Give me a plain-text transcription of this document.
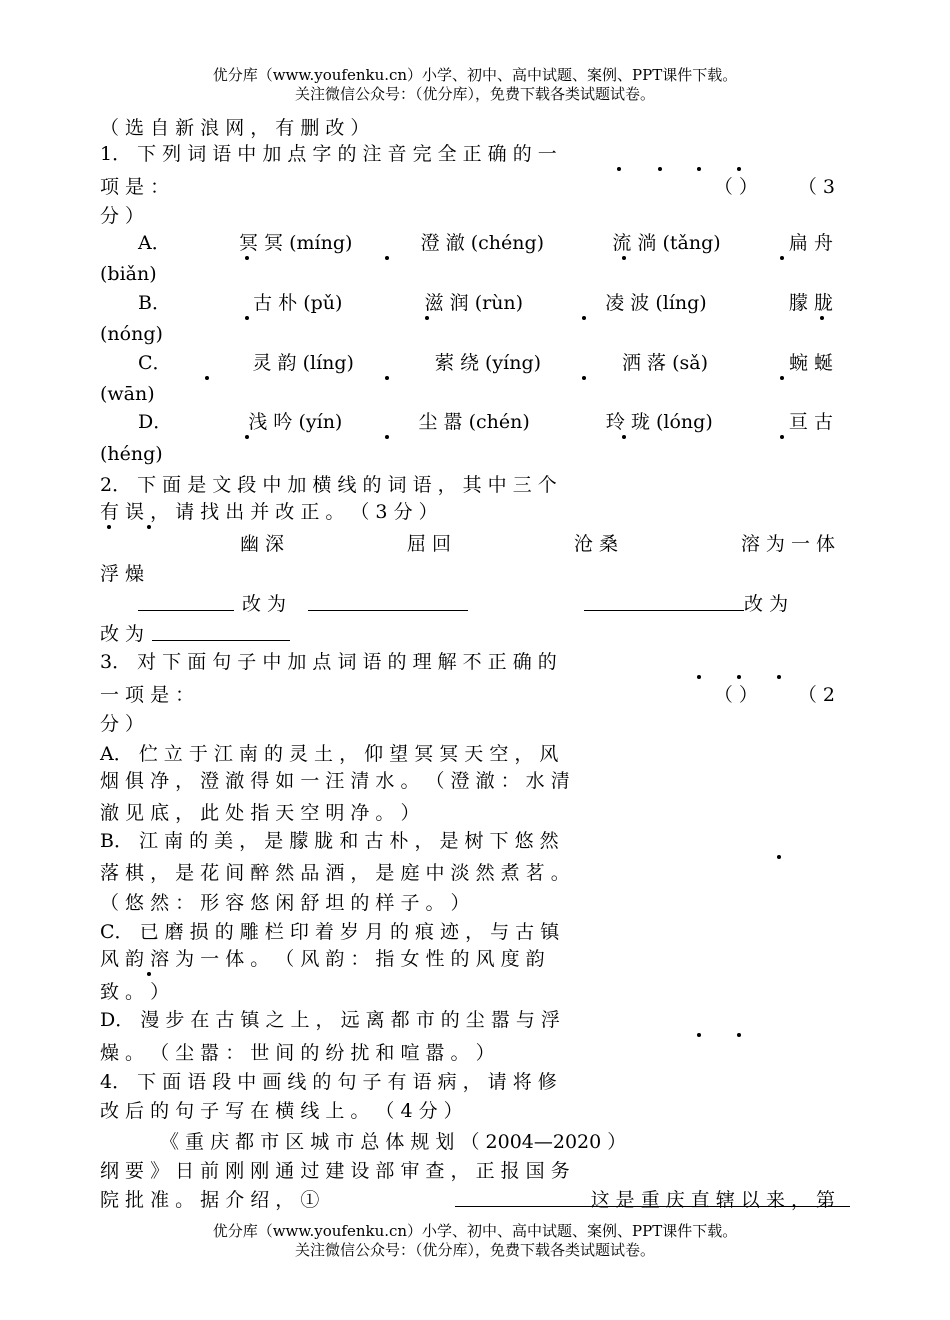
优分库（www.youfenku.cn）小学、初中、高中试题、案例、PPT课件下载。
关注微信公众号：（优分库），免费下载各类试题试卷。
（ 选 自 新 浪 网 ， 有 删 改 ）
1． 下 列 词 语 中 加 点 字 的 注 音 完 全 正 确 的 一
项 是 ：	（ ） （ 3
分 ）
A．	冥 冥 (míng)	澄 澈 (chéng)	流 淌 (tǎng)	扁 舟
(biǎn)
B．	古 朴 (pǔ)	滋 润 (rùn)	凌 波 (líng)	朦 胧
(nóng)
C．	灵 韵 (líng)	萦 绕 (yíng)	洒 落 (sǎ)	蜿 蜒
(wān)
D．	浅 吟 (yín)	尘 嚣 (chén)	玲 珑 (lóng)	亘 古
(héng)
2． 下 面 是 文 段 中 加 横 线 的 词 语 ， 其 中 三 个
有 误 ， 请 找 出 并 改 正 。 （ 3 分 ）
幽 深	屈 回	沧 桑	溶 为 一 体
浮 燥
改 为	改 为
改 为
3． 对 下 面 句 子 中 加 点 词 语 的 理 解 不 正 确 的
一 项 是 ：	（ ） （ 2
分 ）
A． 伫 立 于 江 南 的 灵 土 ， 仰 望 冥 冥 天 空 ， 风
烟 俱 净 ， 澄 澈 得 如 一 汪 清 水 。 （ 澄 澈 ： 水 清
澈 见 底 ， 此 处 指 天 空 明 净 。 ）
B． 江 南 的 美 ， 是 朦 胧 和 古 朴 ， 是 树 下 悠 然
落 棋 ， 是 花 间 醉 然 品 酒 ， 是 庭 中 淡 然 煮 茗 。
（ 悠 然 ： 形 容 悠 闲 舒 坦 的 样 子 。 ）
C． 已 磨 损 的 雕 栏 印 着 岁 月 的 痕 迹 ， 与 古 镇
风 韵 溶 为 一 体 。 （ 风 韵 ： 指 女 性 的 风 度 韵
致 。 ）
D． 漫 步 在 古 镇 之 上 ， 远 离 都 市 的 尘 嚣 与 浮
燥 。 （ 尘 嚣 ： 世 间 的 纷 扰 和 喧 嚣 。 ）
4． 下 面 语 段 中 画 线 的 句 子 有 语 病 ， 请 将 修
改 后 的 句 子 写 在 横 线 上 。 （ 4 分 ）
《 重 庆 都 市 区 城 市 总 体 规 划 （ 2004—2020 ）
纲 要 》 日 前 刚 刚 通 过 建 设 部 审 查 ， 正 报 国 务
院 批 准 。 据 介 绍 ， ①	这 是 重 庆 直 辖 以 来 ， 第
优分库（www.youfenku.cn）小学、初中、高中试题、案例、PPT课件下载。
关注微信公众号：（优分库），免费下载各类试题试卷。
